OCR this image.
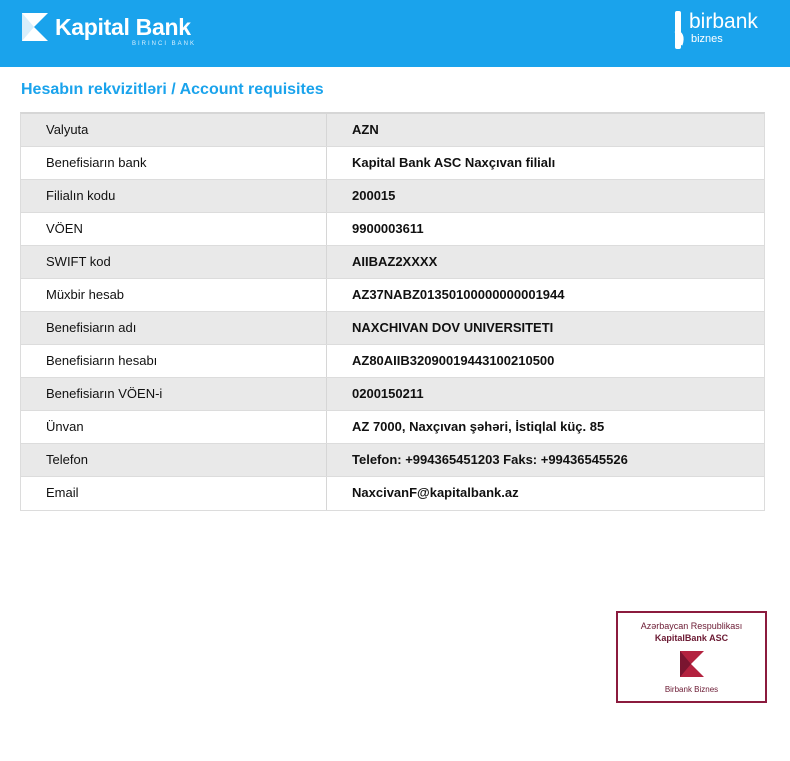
Kapital Bank
BIRINCI BANK
birbank
biznes
Hesabın rekvizitləri / Account requisites
Valyuta	AZN
Benefisiarın bank	Kapital Bank ASC Naxçıvan filialı
Filialın kodu	200015
VÖEN	9900003611
SWIFT kod	AIIBAZ2XXXX
Müxbir hesab	AZ37NABZ01350100000000001944
Benefisiarın adı	NAXCHIVAN DOV UNIVERSITETI
Benefisiarın hesabı	AZ80AIIB32090019443100210500
Benefisiarın VÖEN-i	0200150211
Ünvan	AZ 7000, Naxçıvan şəhəri, İstiqlal küç. 85
Telefon	Telefon: +994365451203 Faks: +99436545526
Email	NaxcivanF@kapitalbank.az
Azərbaycan Respublikası
KapitalBank ASC
Birbank Biznes
